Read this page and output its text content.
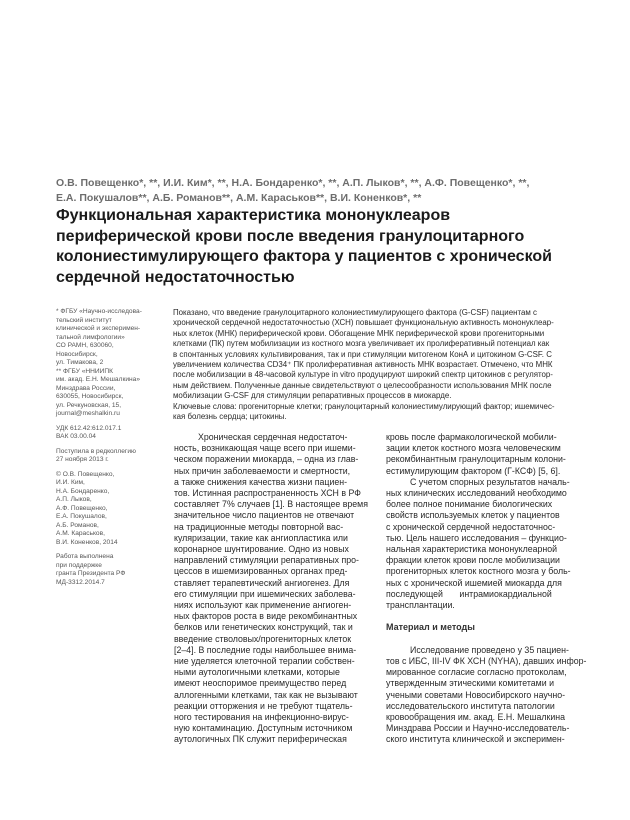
О.В. Повещенко*, **, И.И. Ким*, **, Н.А. Бондаренко*, **, А.П. Лыков*, **, А.Ф. Повещенко*, **,
Е.А. Покушалов**, А.Б. Романов**, А.М. Караськов**, В.И. Коненков*, **
Функциональная характеристика мононуклеаров
периферической крови после введения гранулоцитарного
колониестимулирующего фактора у пациентов с хронической
сердечной недостаточностью
* ФГБУ «Научно-исследова-
тельский институт
клинической и эксперимен-
тальной лимфологии»
СО РАМН, 630060,
Новосибирск,
ул. Тимакова, 2
** ФГБУ «ННИИПК
им. акад. Е.Н. Мешалкина»
Минздрава России,
630055, Новосибирск,
ул. Речкуновская, 15,
journal@meshalkin.ru
УДК 612.42:612.017.1
ВАК 03.00.04
Поступила в редколлегию
27 ноября 2013 г.
© О.В. Повещенко,
И.И. Ким,
Н.А. Бондаренко,
А.П. Лыков,
А.Ф. Повещенко,
Е.А. Покушалов,
А.Б. Романов,
А.М. Караськов,
В.И. Коненков, 2014
Работа выполнена
при поддержке
гранта Президента РФ
МД-3312.2014.7
Показано, что введение гранулоцитарного колониестимулирующего фактора (G-CSF) пациентам с
хронической сердечной недостаточностью (ХСН) повышает функциональную активность мононуклеар-
ных клеток (МНК) периферической крови. Обогащение МНК периферической крови прогениторными
клетками (ПК) путем мобилизации из костного мозга увеличивает их пролиферативный потенциал как
в спонтанных условиях культивирования, так и при стимуляции митогеном КонА и цитокином G-CSF. С
увеличением количества CD34⁺ ПК пролиферативная активность МНК возрастает. Отмечено, что МНК
после мобилизации в 48-часовой культуре in vitro продуцируют широкий спектр цитокинов с регулятор-
ным действием. Полученные данные свидетельствуют о целесообразности использования МНК после
мобилизации G-CSF для стимуляции репаративных процессов в миокарде.
Ключевые слова: прогениторные клетки; гранулоцитарный колониестимулирующий фактор; ишемичес-
кая болезнь сердца; цитокины.
Хроническая сердечная недостаточ-
ность, возникающая чаще всего при ишеми-
ческом поражении миокарда, – одна из глав-
ных причин заболеваемости и смертности,
а также снижения качества жизни пациен-
тов. Истинная распространенность ХСН в РФ
составляет 7% случаев [1]. В настоящее время
значительное число пациентов не отвечают
на традиционные методы повторной вас-
куляризации, такие как ангиопластика или
коронарное шунтирование. Одно из новых
направлений стимуляции репаративных про-
цессов в ишемизированных органах пред-
ставляет терапевтический ангиогенез. Для
его стимуляции при ишемических заболева-
ниях используют как применение ангиоген-
ных факторов роста в виде рекомбинантных
белков или генетических конструкций, так и
введение стволовых/прогениторных клеток
[2–4]. В последние годы наибольшее внима-
ние уделяется клеточной терапии собствен-
ными аутологичными клетками, которые
имеют неоспоримое преимущество перед
аллогенными клетками, так как не вызывают
реакции отторжения и не требуют тщатель-
ного тестирования на инфекционно-вирус-
ную контаминацию. Доступным источником
аутологичных ПК служит периферическая
кровь после фармакологической мобили-
зации клеток костного мозга человеческим
рекомбинантным гранулоцитарным колони-
естимулирующим фактором (Г-КСФ) [5, 6].
С учетом спорных результатов началь-
ных клинических исследований необходимо
более полное понимание биологических
свойств используемых клеток у пациентов
с хронической сердечной недостаточнос-
тью. Цель нашего исследования – функцио-
нальная характеристика мононуклеарной
фракции клеток крови после мобилизации
прогениторных клеток костного мозга у боль-
ных с хронической ишемией миокарда для
последующей интрамиокардиальной
трансплантации.
Материал и методы
Исследование проведено у 35 пациен-
тов с ИБС, III-IV ФК ХСН (NYHA), давших инфор-
мированное согласие согласно протоколам,
утвержденным этическими комитетами и
учеными советами Новосибирского научно-
исследовательского института патологии
кровообращения им. акад. Е.Н. Мешалкина
Минздрава России и Научно-исследователь-
ского института клинической и эксперимен-
